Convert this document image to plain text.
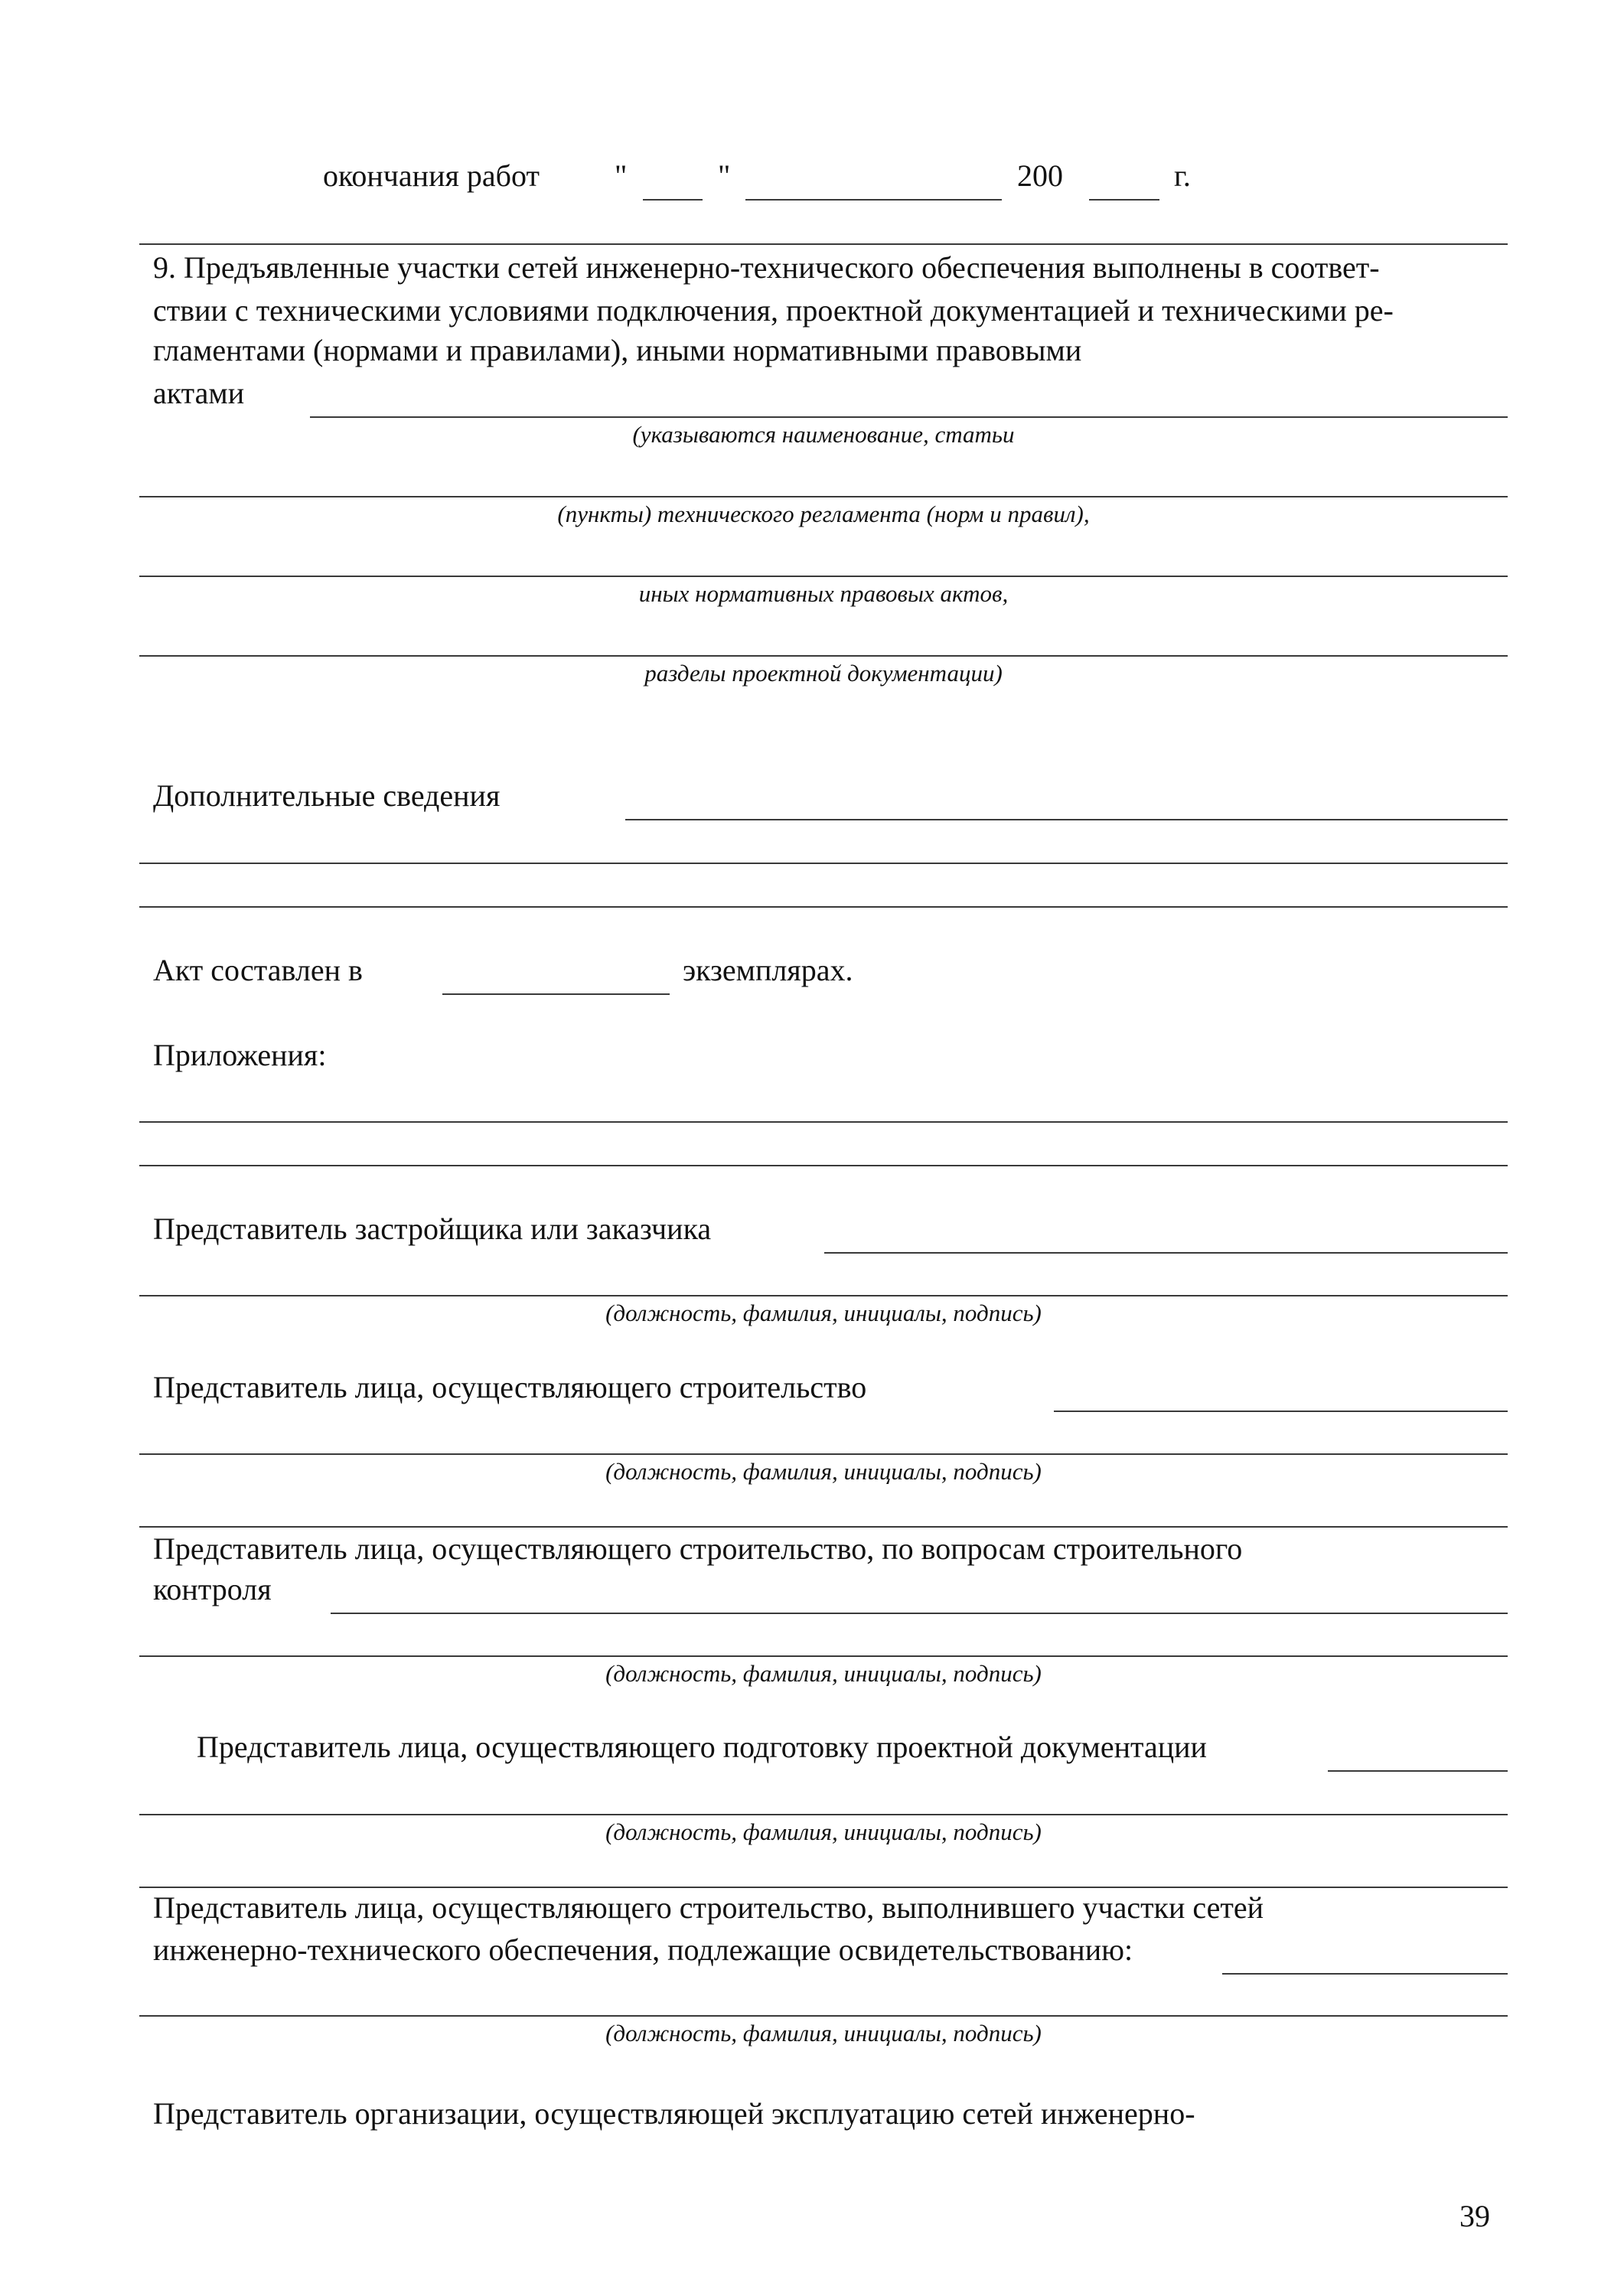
окончания работ "	"	200	г.
9. Предъявленные участки сетей инженерно-технического обеспечения выполнены в соответ-
ствии с техническими условиями подключения, проектной документацией и техническими ре-
гламентами (нормами и правилами), иными нормативными правовыми
актами
(указываются наименование, статьи
(пункты) технического регламента (норм и правил),
иных нормативных правовых актов,
разделы проектной документации)
Дополнительные сведения
Акт составлен в	экземплярах.
Приложения:
Представитель застройщика или заказчика
(должность, фамилия, инициалы, подпись)
Представитель лица, осуществляющего строительство
(должность, фамилия, инициалы, подпись)
Представитель лица, осуществляющего строительство, по вопросам строительного
контроля
(должность, фамилия, инициалы, подпись)
Представитель лица, осуществляющего подготовку проектной документации
(должность, фамилия, инициалы, подпись)
Представитель лица, осуществляющего строительство, выполнившего участки сетей
инженерно-технического обеспечения, подлежащие освидетельствованию:
(должность, фамилия, инициалы, подпись)
Представитель организации, осуществляющей эксплуатацию сетей инженерно-
39
